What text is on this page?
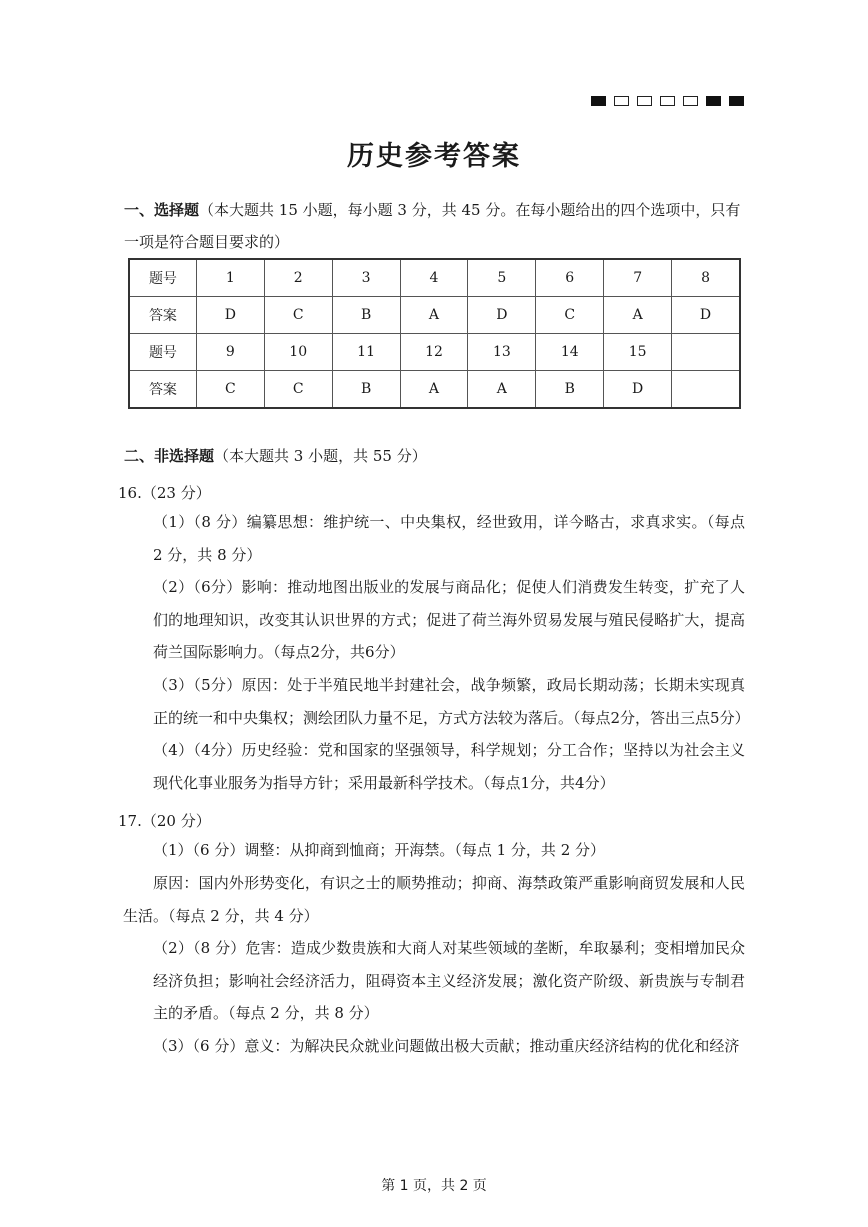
历史参考答案
一、选择题（本大题共 15 小题，每小题 3 分，共 45 分。在每小题给出的四个选项中，只有一项是符合题目要求的）
题号	1	2	3	4	5	6	7	8
答案	D	C	B	A	D	C	A	D
题号	9	10	11	12	13	14	15	
答案	C	C	B	A	A	B	D	
二、非选择题（本大题共 3 小题，共 55 分）
16.（23 分）
（1）（8 分）编纂思想：维护统一、中央集权，经世致用，详今略古，求真求实。（每点 2 分，共 8 分）
（2）（6分）影响：推动地图出版业的发展与商品化；促使人们消费发生转变，扩充了人们的地理知识，改变其认识世界的方式；促进了荷兰海外贸易发展与殖民侵略扩大，提高荷兰国际影响力。（每点2分，共6分）
（3）（5分）原因：处于半殖民地半封建社会，战争频繁，政局长期动荡；长期未实现真正的统一和中央集权；测绘团队力量不足，方式方法较为落后。（每点2分，答出三点5分）
（4）（4分）历史经验：党和国家的坚强领导，科学规划；分工合作；坚持以为社会主义现代化事业服务为指导方针；采用最新科学技术。（每点1分，共4分）
17.（20 分）
（1）（6 分）调整：从抑商到恤商；开海禁。（每点 1 分，共 2 分）
原因：国内外形势变化，有识之士的顺势推动；抑商、海禁政策严重影响商贸发展和人民生活。（每点 2 分，共 4 分）
（2）（8 分）危害：造成少数贵族和大商人对某些领域的垄断，牟取暴利；变相增加民众经济负担；影响社会经济活力，阻碍资本主义经济发展；激化资产阶级、新贵族与专制君主的矛盾。（每点 2 分，共 8 分）
（3）（6 分）意义：为解决民众就业问题做出极大贡献；推动重庆经济结构的优化和经济
第 1 页，共 2 页
